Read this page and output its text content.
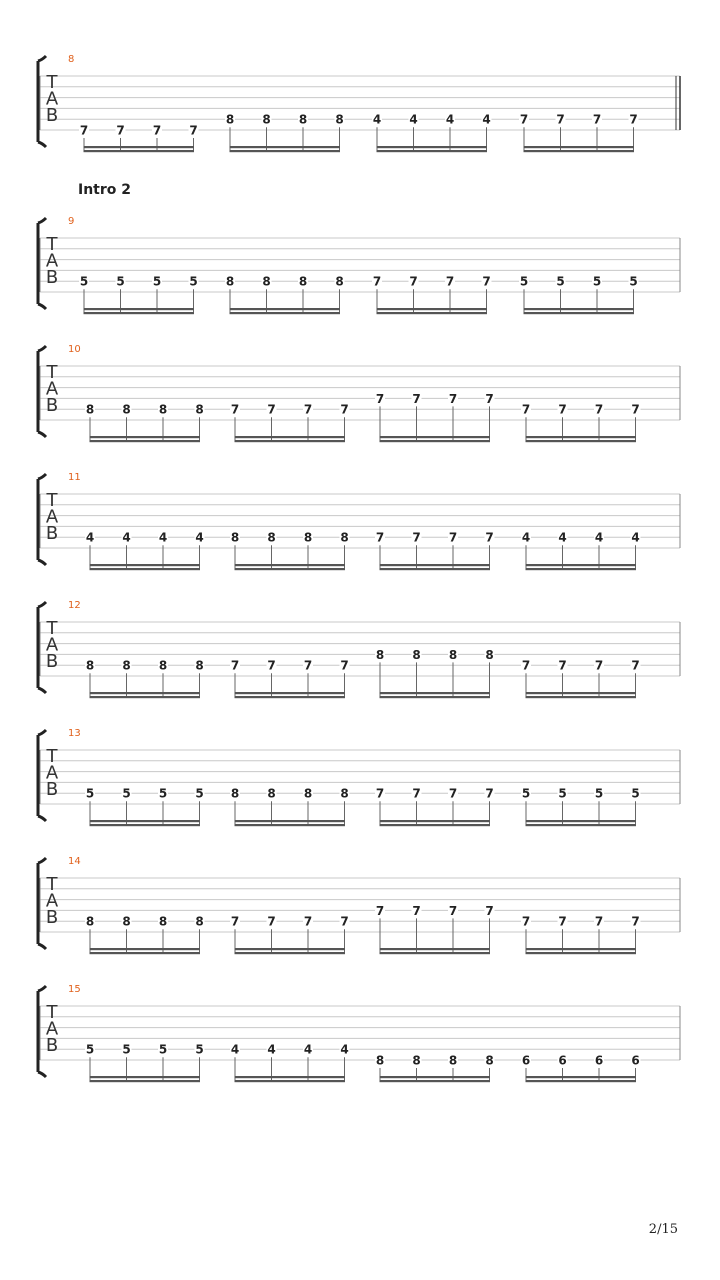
Intro 2
T
A
B
8
7 7 7 7
8 8 8 8 4 4 4 4 7 7 7 7
T
A
B
9
5 5 5 5 8 8 8 8 7 7 7 7 5 5 5 5
T
A
B
10
8 8 8 8 7 7 7 7
7 7 7 7
7 7 7 7
T
A
B
11
4 4 4 4 8 8 8 8 7 7 7 7 4 4 4 4
T
A
B
12
8 8 8 8 7 7 7 7
8 8 8 8
7 7 7 7
T
A
B
13
5 5 5 5 8 8 8 8 7 7 7 7 5 5 5 5
T
A
B
14
8 8 8 8 7 7 7 7
7 7 7 7
7 7 7 7
T
A
B
15
5 5 5 5 4 4 4 4
8 8 8 8 6 6 6 6
2/15
